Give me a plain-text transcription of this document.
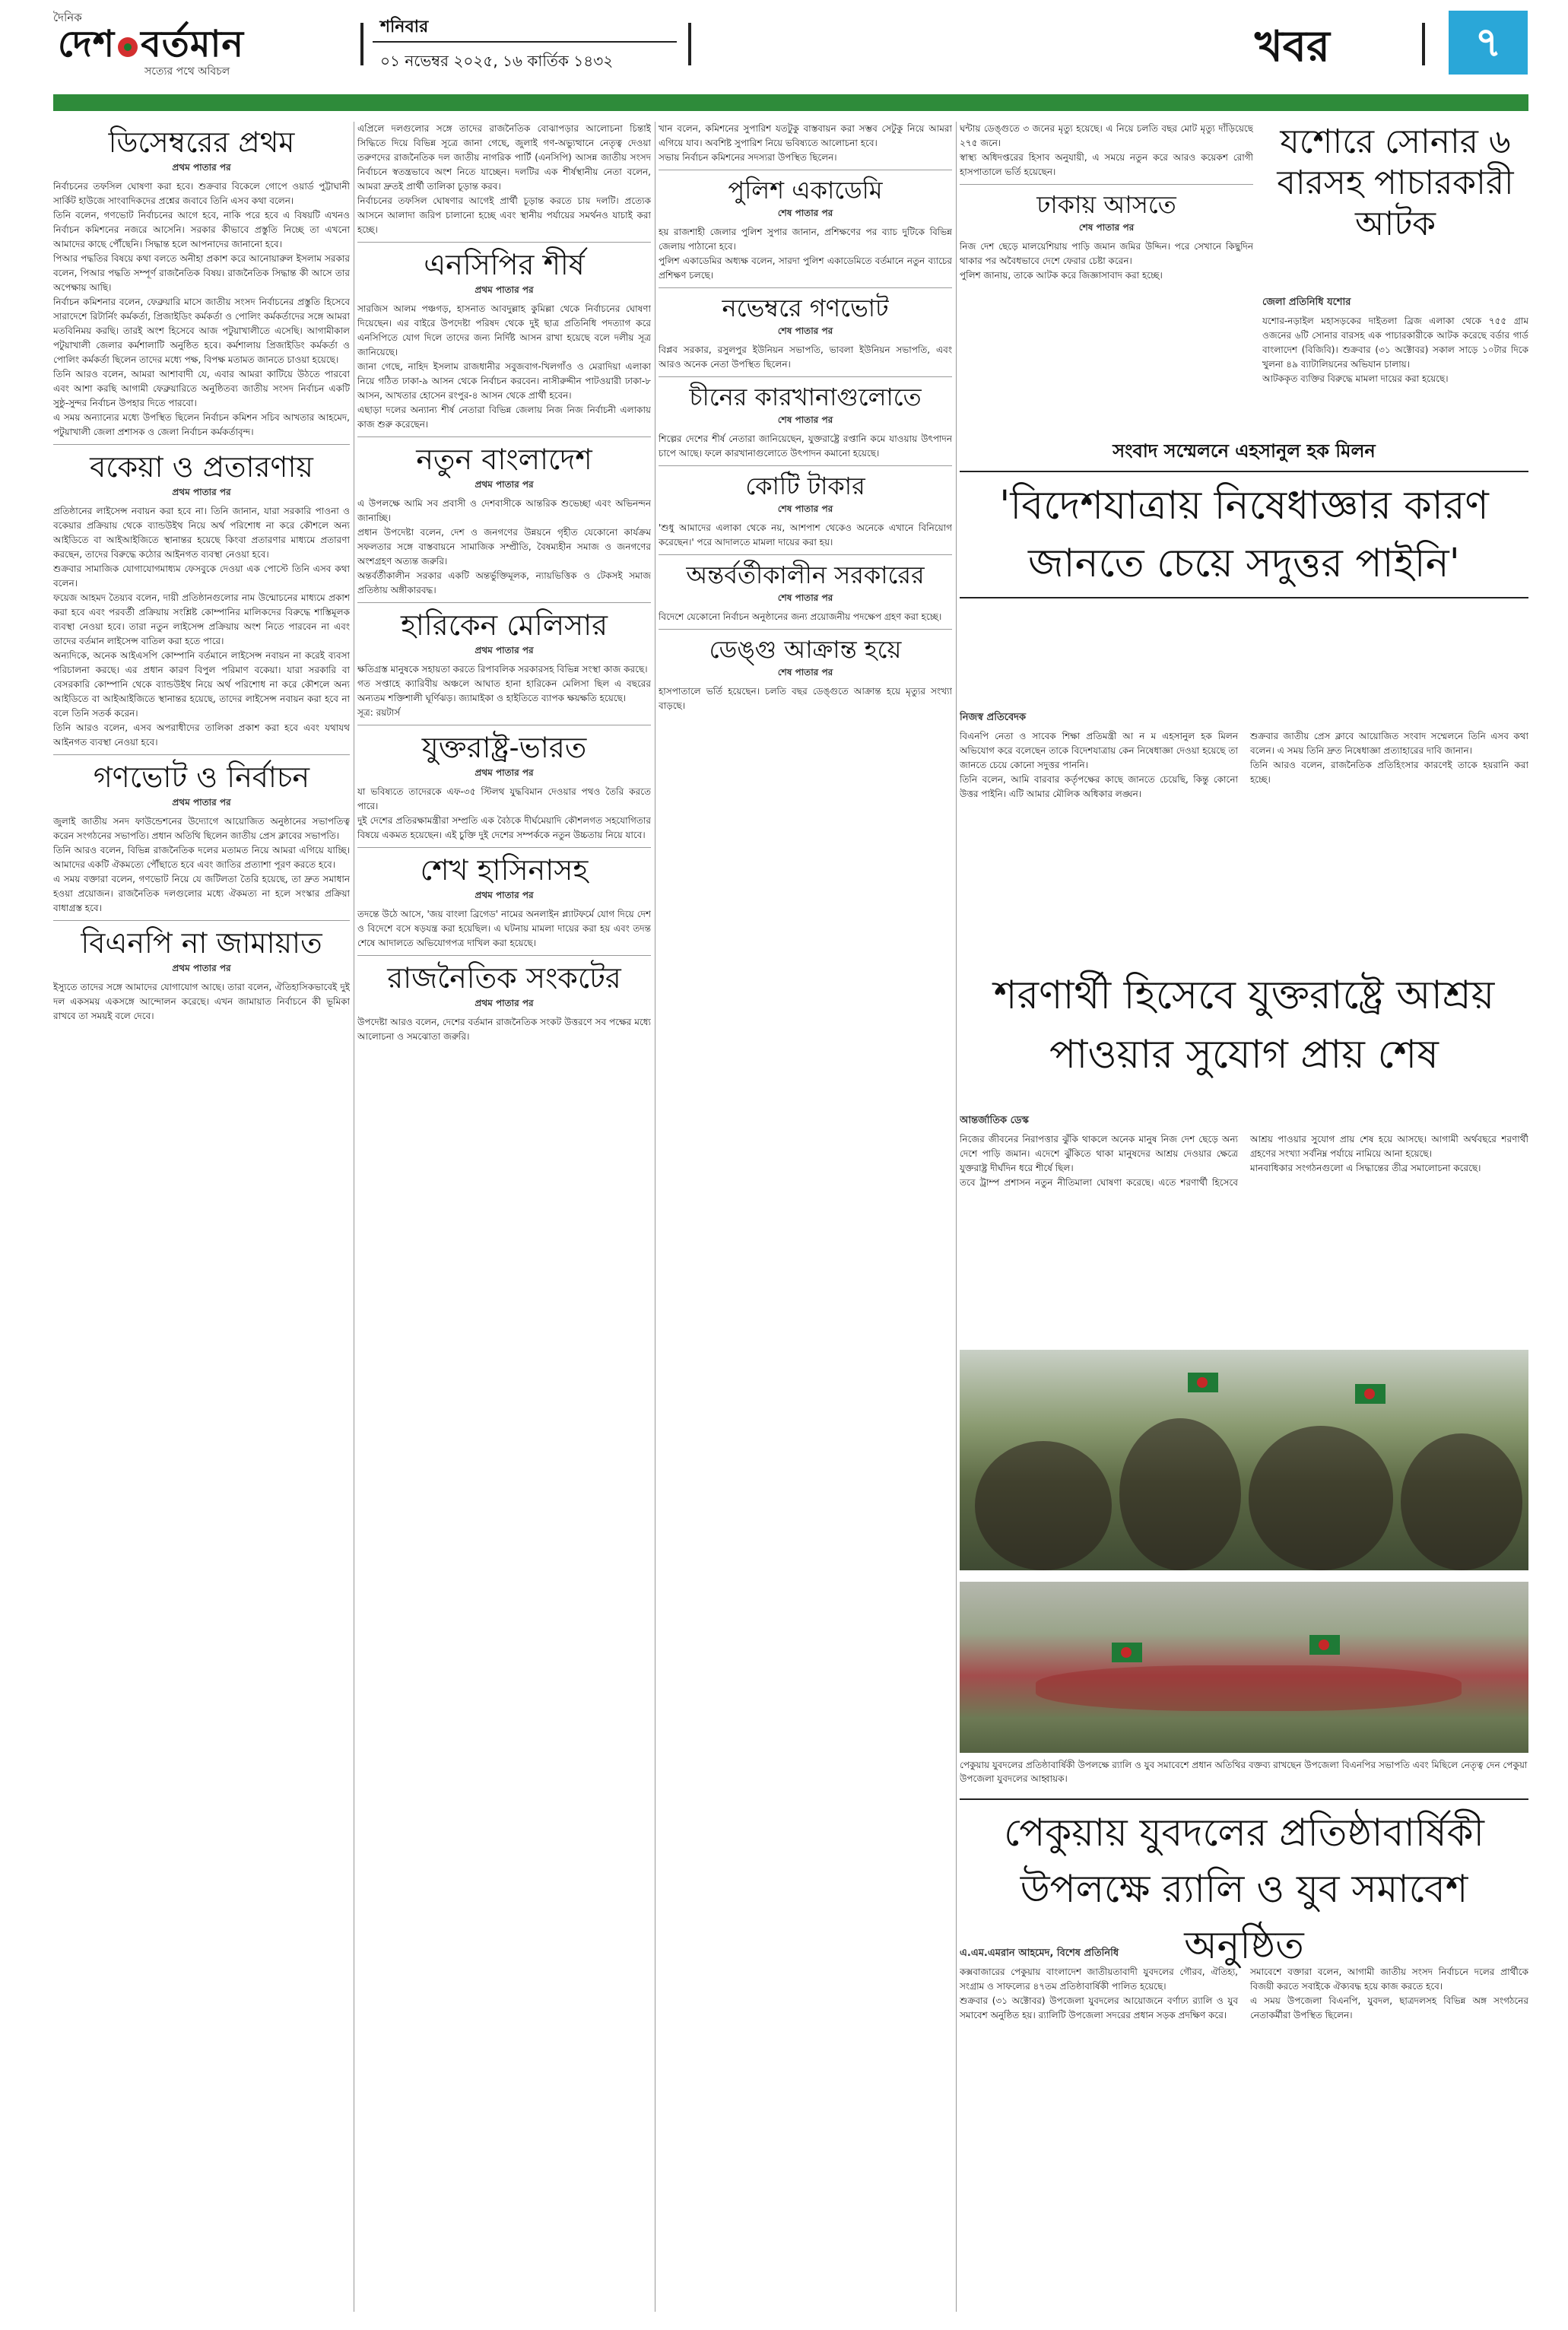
দৈনিক
দেশ বর্তমান
সত্যের পথে অবিচল
শনিবার
০১ নভেম্বর ২০২৫, ১৬ কার্তিক ১৪৩২	খবর	৭
ডিসেম্বরের প্রথম
প্রথম পাতার পর
নির্বাচনের তফসিল ঘোষণা করা হবে। শুক্রবার বিকেলে গোপে ওয়ার্ড পুট্টাঘানী সার্কিট হাউজে সাংবাদিকদের প্রশ্নের জবাবে তিনি এসব কথা বলেন।
তিনি বলেন, গণভোট নির্বাচনের আগে হবে, নাকি পরে হবে এ বিষয়টি এখনও নির্বাচন কমিশনের নজরে আসেনি। সরকার কীভাবে প্রস্তুতি নিচ্ছে তা এখনো আমাদের কাছে পৌঁছেনি। সিদ্ধান্ত হলে আপনাদের জানানো হবে।
পিআর পদ্ধতির বিষয়ে কথা বলতে অনীহা প্রকাশ করে আনোয়ারুল ইসলাম সরকার বলেন, পিআর পদ্ধতি সম্পূর্ণ রাজনৈতিক বিষয়। রাজনৈতিক সিদ্ধান্ত কী আসে তার অপেক্ষায় আছি।
নির্বাচন কমিশনার বলেন, ফেব্রুয়ারি মাসে জাতীয় সংসদ নির্বাচনের প্রস্তুতি হিসেবে সারাদেশে রিটার্নিং কর্মকর্তা, প্রিজাইডিং কর্মকর্তা ও পোলিং কর্মকর্তাদের সঙ্গে আমরা মতবিনিময় করছি। তারই অংশ হিসেবে আজ পটুয়াখালীতে এসেছি। আগামীকাল পটুয়াখালী জেলার কর্মশালাটি অনুষ্ঠিত হবে। কর্মশালায় প্রিজাইডিং কর্মকর্তা ও পোলিং কর্মকর্তা ছিলেন তাদের মধ্যে পক্ষ, বিপক্ষ মতামত জানতে চাওয়া হয়েছে।
তিনি আরও বলেন, আমরা আশাবাদী যে, এবার আমরা কাটিয়ে উঠতে পারবো এবং আশা করছি আগামী ফেব্রুয়ারিতে অনুষ্ঠিতব্য জাতীয় সংসদ নির্বাচন একটি সুষ্ঠু-সুন্দর নির্বাচন উপহার দিতে পারবো।
এ সময় অন্যান্যের মধ্যে উপস্থিত ছিলেন নির্বাচন কমিশন সচিব আখতার আহমেদ, পটুয়াখালী জেলা প্রশাসক ও জেলা নির্বাচন কর্মকর্তাবৃন্দ।
বকেয়া ও প্রতারণায়
প্রথম পাতার পর
প্রতিষ্ঠানের লাইসেন্স নবায়ন করা হবে না। তিনি জানান, যারা সরকারি পাওনা ও বকেয়ার প্রক্রিয়ায় থেকে ব্যান্ডউইথ নিয়ে অর্থ পরিশোধ না করে কৌশলে অন্য আইডিতে বা আইআইজিতে স্থানান্তর হয়েছে কিংবা প্রতারণার মাধ্যমে প্রতারণা করছেন, তাদের বিরুদ্ধে কঠোর আইনগত ব্যবস্থা নেওয়া হবে।
শুক্রবার সামাজিক যোগাযোগমাধ্যম ফেসবুকে দেওয়া এক পোস্টে তিনি এসব কথা বলেন।
ফয়েজ আহমদ তৈয়্যব বলেন, দায়ী প্রতিষ্ঠানগুলোর নাম উন্মোচনের মাধ্যমে প্রকাশ করা হবে এবং পরবর্তী প্রক্রিয়ায় সংশ্লিষ্ট কোম্পানির মালিকদের বিরুদ্ধে শাস্তিমূলক ব্যবস্থা নেওয়া হবে। তারা নতুন লাইসেন্স প্রক্রিয়ায় অংশ নিতে পারবেন না এবং তাদের বর্তমান লাইসেন্স বাতিল করা হতে পারে।
অন্যদিকে, অনেক আইএসপি কোম্পানি বর্তমানে লাইসেন্স নবায়ন না করেই ব্যবসা পরিচালনা করছে। এর প্রধান কারণ বিপুল পরিমাণ বকেয়া। যারা সরকারি বা বেসরকারি কোম্পানি থেকে ব্যান্ডউইথ নিয়ে অর্থ পরিশোধ না করে কৌশলে অন্য আইডিতে বা আইআইজিতে স্থানান্তর হয়েছে, তাদের লাইসেন্স নবায়ন করা হবে না বলে তিনি সতর্ক করেন।
তিনি আরও বলেন, এসব অপরাধীদের তালিকা প্রকাশ করা হবে এবং যথাযথ আইনগত ব্যবস্থা নেওয়া হবে।
গণভোট ও নির্বাচন
প্রথম পাতার পর
জুলাই জাতীয় সনদ ফাউন্ডেশনের উদ্যোগে আয়োজিত অনুষ্ঠানের সভাপতিত্ব করেন সংগঠনের সভাপতি। প্রধান অতিথি ছিলেন জাতীয় প্রেস ক্লাবের সভাপতি।
তিনি আরও বলেন, বিভিন্ন রাজনৈতিক দলের মতামত নিয়ে আমরা এগিয়ে যাচ্ছি। আমাদের একটি ঐকমত্যে পৌঁছাতে হবে এবং জাতির প্রত্যাশা পূরণ করতে হবে।
এ সময় বক্তারা বলেন, গণভোট নিয়ে যে জটিলতা তৈরি হয়েছে, তা দ্রুত সমাধান হওয়া প্রয়োজন। রাজনৈতিক দলগুলোর মধ্যে ঐকমত্য না হলে সংস্কার প্রক্রিয়া বাধাগ্রস্ত হবে।
বিএনপি না জামায়াত
প্রথম পাতার পর
ইস্যুতে তাদের সঙ্গে আমাদের যোগাযোগ আছে। তারা বলেন, ঐতিহাসিকভাবেই দুই দল একসময় একসঙ্গে আন্দোলন করেছে। এখন জামায়াত নির্বাচনে কী ভূমিকা রাখবে তা সময়ই বলে দেবে।
এপ্রিলে দলগুলোর সঙ্গে তাদের রাজনৈতিক বোঝাপড়ার আলোচনা চিন্তাই সিদ্ধিতে দিয়ে বিভিন্ন সূত্রে জানা গেছে, জুলাই গণ-অভ্যুত্থানে নেতৃত্ব দেওয়া তরুণদের রাজনৈতিক দল জাতীয় নাগরিক পার্টি (এনসিপি) আসন্ন জাতীয় সংসদ নির্বাচনে স্বতন্ত্রভাবে অংশ নিতে যাচ্ছেন। দলটির এক শীর্ষস্থানীয় নেতা বলেন, আমরা দ্রুতই প্রার্থী তালিকা চূড়ান্ত করব।
নির্বাচনের তফসিল ঘোষণার আগেই প্রার্থী চূড়ান্ত করতে চায় দলটি। প্রত্যেক আসনে আলাদা জরিপ চালানো হচ্ছে এবং স্থানীয় পর্যায়ের সমর্থনও যাচাই করা হচ্ছে।
এনসিপির শীর্ষ
প্রথম পাতার পর
সারজিস আলম পঞ্চগড়, হাসনাত আবদুল্লাহ কুমিল্লা থেকে নির্বাচনের ঘোষণা দিয়েছেন। এর বাইরে উপদেষ্টা পরিষদ থেকে দুই ছাত্র প্রতিনিধি পদত্যাগ করে এনসিপিতে যোগ দিলে তাদের জন্য নির্দিষ্ট আসন রাখা হয়েছে বলে দলীয় সূত্র জানিয়েছে।
জানা গেছে, নাহিদ ইসলাম রাজধানীর সবুজবাগ-খিলগাঁও ও মেরাদিয়া এলাকা নিয়ে গঠিত ঢাকা-৯ আসন থেকে নির্বাচন করবেন। নাসীরুদ্দীন পাটওয়ারী ঢাকা-৮ আসন, আখতার হোসেন রংপুর-৪ আসন থেকে প্রার্থী হবেন।
এছাড়া দলের অন্যান্য শীর্ষ নেতারা বিভিন্ন জেলায় নিজ নিজ নির্বাচনী এলাকায় কাজ শুরু করেছেন।
নতুন বাংলাদেশ
প্রথম পাতার পর
এ উপলক্ষে আমি সব প্রবাসী ও দেশবাসীকে আন্তরিক শুভেচ্ছা এবং অভিনন্দন জানাচ্ছি।
প্রধান উপদেষ্টা বলেন, দেশ ও জনগণের উন্নয়নে গৃহীত যেকোনো কার্যক্রম সফলতার সঙ্গে বাস্তবায়নে সামাজিক সম্প্রীতি, বৈষম্যহীন সমাজ ও জনগণের অংশগ্রহণ অত্যন্ত জরুরি।
অন্তর্বর্তীকালীন সরকার একটি অন্তর্ভুক্তিমূলক, ন্যায়ভিত্তিক ও টেকসই সমাজ প্রতিষ্ঠায় অঙ্গীকারবদ্ধ।
হারিকেন মেলিসার
প্রথম পাতার পর
ক্ষতিগ্রস্ত মানুষকে সহায়তা করতে রিপাবলিক সরকারসহ বিভিন্ন সংস্থা কাজ করছে।
গত সপ্তাহে ক্যারিবীয় অঞ্চলে আঘাত হানা হারিকেন মেলিসা ছিল এ বছরের অন্যতম শক্তিশালী ঘূর্ণিঝড়। জ্যামাইকা ও হাইতিতে ব্যাপক ক্ষয়ক্ষতি হয়েছে।
সূত্র: রয়টার্স
যুক্তরাষ্ট্র-ভারত
প্রথম পাতার পর
যা ভবিষ্যতে তাদেরকে এফ-৩৫ স্টিলথ যুদ্ধবিমান দেওয়ার পথও তৈরি করতে পারে।
দুই দেশের প্রতিরক্ষামন্ত্রীরা সম্প্রতি এক বৈঠকে দীর্ঘমেয়াদি কৌশলগত সহযোগিতার বিষয়ে একমত হয়েছেন। এই চুক্তি দুই দেশের সম্পর্ককে নতুন উচ্চতায় নিয়ে যাবে।
শেখ হাসিনাসহ
প্রথম পাতার পর
তদন্তে উঠে আসে, 'জয় বাংলা ব্রিগেড' নামের অনলাইন প্ল্যাটফর্মে যোগ দিয়ে দেশ ও বিদেশে বসে ষড়যন্ত্র করা হয়েছিল। এ ঘটনায় মামলা দায়ের করা হয় এবং তদন্ত শেষে আদালতে অভিযোগপত্র দাখিল করা হয়েছে।
রাজনৈতিক সংকটের
প্রথম পাতার পর
উপদেষ্টা আরও বলেন, দেশের বর্তমান রাজনৈতিক সংকট উত্তরণে সব পক্ষের মধ্যে আলোচনা ও সমঝোতা জরুরি।
খান বলেন, কমিশনের সুপারিশ যতটুকু বাস্তবায়ন করা সম্ভব সেটুকু নিয়ে আমরা এগিয়ে যাব। অবশিষ্ট সুপারিশ নিয়ে ভবিষ্যতে আলোচনা হবে।
সভায় নির্বাচন কমিশনের সদস্যরা উপস্থিত ছিলেন।
পুলিশ একাডেমি
শেষ পাতার পর
হয় রাজশাহী জেলার পুলিশ সুপার জানান, প্রশিক্ষণের পর ব্যাচ দুটিকে বিভিন্ন জেলায় পাঠানো হবে।
পুলিশ একাডেমির অধ্যক্ষ বলেন, সারদা পুলিশ একাডেমিতে বর্তমানে নতুন ব্যাচের প্রশিক্ষণ চলছে।
নভেম্বরে গণভোট
শেষ পাতার পর
বিপ্লব সরকার, রসুলপুর ইউনিয়ন সভাপতি, ভাবলা ইউনিয়ন সভাপতি, এবং আরও অনেক নেতা উপস্থিত ছিলেন।
চীনের কারখানাগুলোতে
শেষ পাতার পর
শিল্পের দেশের শীর্ষ নেতারা জানিয়েছেন, যুক্তরাষ্ট্রে রপ্তানি কমে যাওয়ায় উৎপাদন চাপে আছে। ফলে কারখানাগুলোতে উৎপাদন কমানো হয়েছে।
কোটি টাকার
শেষ পাতার পর
'শুধু আমাদের এলাকা থেকে নয়, আশপাশ থেকেও অনেকে এখানে বিনিয়োগ করেছেন।' পরে আদালতে মামলা দায়ের করা হয়।
অন্তর্বর্তীকালীন সরকারের
শেষ পাতার পর
বিদেশে যেকোনো নির্বাচন অনুষ্ঠানের জন্য প্রয়োজনীয় পদক্ষেপ গ্রহণ করা হচ্ছে।
ডেঙ্গু আক্রান্ত হয়ে
শেষ পাতার পর
হাসপাতালে ভর্তি হয়েছেন। চলতি বছর ডেঙ্গুতে আক্রান্ত হয়ে মৃত্যুর সংখ্যা বাড়ছে।
ঘন্টায় ডেঙ্গুতে ৩ জনের মৃত্যু হয়েছে। এ নিয়ে চলতি বছর মোট মৃত্যু দাঁড়িয়েছে ২৭৫ জনে।
স্বাস্থ্য অধিদপ্তরের হিসাব অনুযায়ী, এ সময়ে নতুন করে আরও কয়েকশ রোগী হাসপাতালে ভর্তি হয়েছেন।
ঢাকায় আসতে
শেষ পাতার পর
নিজ দেশ ছেড়ে মালয়েশিয়ায় পাড়ি জমান জমির উদ্দিন। পরে সেখানে কিছুদিন থাকার পর অবৈধভাবে দেশে ফেরার চেষ্টা করেন।
পুলিশ জানায়, তাকে আটক করে জিজ্ঞাসাবাদ করা হচ্ছে।
যশোরে সোনার ৬ বারসহ পাচারকারী আটক
জেলা প্রতিনিধি যশোর
যশোর-নড়াইল মহাসড়কের দাইতলা ব্রিজ এলাকা থেকে ৭৫৫ গ্রাম ওজনের ৬টি সোনার বারসহ এক পাচারকারীকে আটক করেছে বর্ডার গার্ড বাংলাদেশ (বিজিবি)। শুক্রবার (৩১ অক্টোবর) সকাল সাড়ে ১০টার দিকে খুলনা ৪৯ ব্যাটালিয়নের অভিযান চালায়।
আটককৃত ব্যক্তির বিরুদ্ধে মামলা দায়ের করা হয়েছে।
সংবাদ সম্মেলনে এহসানুল হক মিলন
'বিদেশযাত্রায় নিষেধাজ্ঞার কারণ জানতে চেয়ে সদুত্তর পাইনি'
নিজস্ব প্রতিবেদক
বিএনপি নেতা ও সাবেক শিক্ষা প্রতিমন্ত্রী আ ন ম এহসানুল হক মিলন অভিযোগ করে বলেছেন তাকে বিদেশযাত্রায় কেন নিষেধাজ্ঞা দেওয়া হয়েছে তা জানতে চেয়ে কোনো সদুত্তর পাননি।
তিনি বলেন, আমি বারবার কর্তৃপক্ষের কাছে জানতে চেয়েছি, কিন্তু কোনো উত্তর পাইনি। এটি আমার মৌলিক অধিকার লঙ্ঘন।
শুক্রবার জাতীয় প্রেস ক্লাবে আয়োজিত সংবাদ সম্মেলনে তিনি এসব কথা বলেন। এ সময় তিনি দ্রুত নিষেধাজ্ঞা প্রত্যাহারের দাবি জানান।
তিনি আরও বলেন, রাজনৈতিক প্রতিহিংসার কারণেই তাকে হয়রানি করা হচ্ছে।
শরণার্থী হিসেবে যুক্তরাষ্ট্রে আশ্রয় পাওয়ার সুযোগ প্রায় শেষ
আন্তর্জাতিক ডেস্ক
নিজের জীবনের নিরাপত্তার ঝুঁকি থাকলে অনেক মানুষ নিজ দেশ ছেড়ে অন্য দেশে পাড়ি জমান। এদেশে ঝুঁকিতে থাকা মানুষদের আশ্রয় দেওয়ার ক্ষেত্রে যুক্তরাষ্ট্র দীর্ঘদিন ধরে শীর্ষে ছিল।
তবে ট্রাম্প প্রশাসন নতুন নীতিমালা ঘোষণা করেছে। এতে শরণার্থী হিসেবে আশ্রয় পাওয়ার সুযোগ প্রায় শেষ হয়ে আসছে। আগামী অর্থবছরে শরণার্থী গ্রহণের সংখ্যা সর্বনিম্ন পর্যায়ে নামিয়ে আনা হয়েছে।
মানবাধিকার সংগঠনগুলো এ সিদ্ধান্তের তীব্র সমালোচনা করেছে।
পেকুয়ায় যুবদলের প্রতিষ্ঠাবার্ষিকী উপলক্ষে র‌্যালি ও যুব সমাবেশে প্রধান অতিথির বক্তব্য রাখছেন উপজেলা বিএনপির সভাপতি এবং মিছিলে নেতৃত্ব দেন পেকুয়া উপজেলা যুবদলের আহ্বায়ক।
পেকুয়ায় যুবদলের প্রতিষ্ঠাবার্ষিকী উপলক্ষে র‌্যালি ও যুব সমাবেশ অনুষ্ঠিত
এ.এম.এমরান আহমেদ, বিশেষ প্রতিনিধি
কক্সবাজারের পেকুয়ায় বাংলাদেশ জাতীয়তাবাদী যুবদলের গৌরব, ঐতিহ্য, সংগ্রাম ও সাফল্যের ৪৭তম প্রতিষ্ঠাবার্ষিকী পালিত হয়েছে।
শুক্রবার (৩১ অক্টোবর) উপজেলা যুবদলের আয়োজনে বর্ণাঢ্য র‌্যালি ও যুব সমাবেশ অনুষ্ঠিত হয়। র‌্যালিটি উপজেলা সদরের প্রধান সড়ক প্রদক্ষিণ করে।
সমাবেশে বক্তারা বলেন, আগামী জাতীয় সংসদ নির্বাচনে দলের প্রার্থীকে বিজয়ী করতে সবাইকে ঐক্যবদ্ধ হয়ে কাজ করতে হবে।
এ সময় উপজেলা বিএনপি, যুবদল, ছাত্রদলসহ বিভিন্ন অঙ্গ সংগঠনের নেতাকর্মীরা উপস্থিত ছিলেন।
